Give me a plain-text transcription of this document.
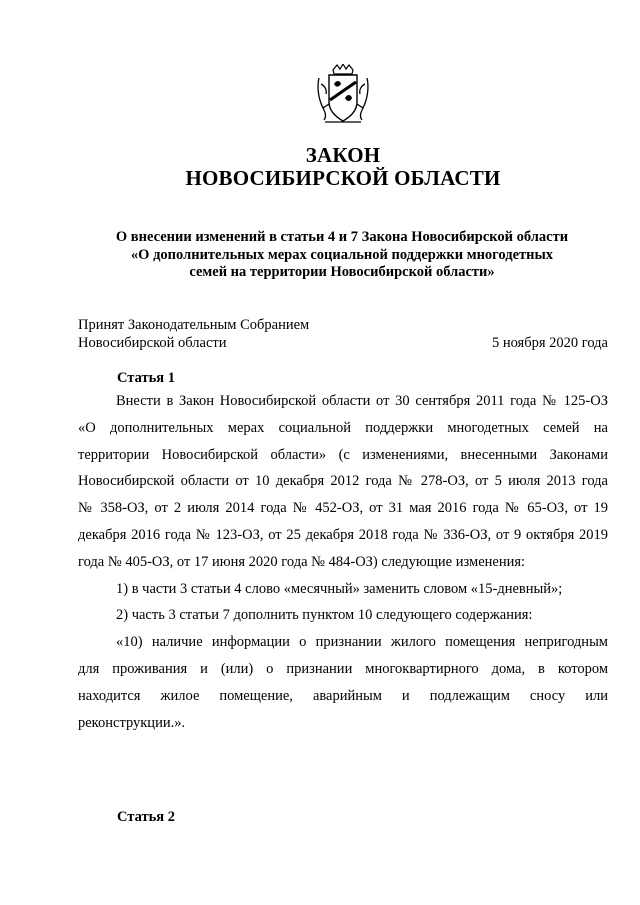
ЗАКОН
НОВОСИБИРСКОЙ ОБЛАСТИ
О внесении изменений в статьи 4 и 7 Закона Новосибирской области
«О дополнительных мерах социальной поддержки многодетных
семей на территории Новосибирской области»
Принят Законодательным Собранием
Новосибирской области	5 ноября 2020 года
Статья 1
Внести в Закон Новосибирской области от 30 сентября 2011 года № 125-ОЗ
«О дополнительных мерах социальной поддержки многодетных семей на
территории Новосибирской области» (с изменениями, внесенными Законами
Новосибирской области от 10 декабря 2012 года № 278-ОЗ, от 5 июля 2013 года
№ 358-ОЗ, от 2 июля 2014 года № 452-ОЗ, от 31 мая 2016 года № 65-ОЗ, от 19
декабря 2016 года № 123-ОЗ, от 25 декабря 2018 года № 336-ОЗ, от 9 октября 2019
года № 405-ОЗ, от 17 июня 2020 года № 484-ОЗ) следующие изменения:
1) в части 3 статьи 4 слово «месячный» заменить словом «15-дневный»;
2) часть 3 статьи 7 дополнить пунктом 10 следующего содержания:
«10) наличие информации о признании жилого помещения непригодным
для проживания и (или) о признании многоквартирного дома, в котором
находится жилое помещение, аварийным и подлежащим сносу или
реконструкции.».
Статья 2
